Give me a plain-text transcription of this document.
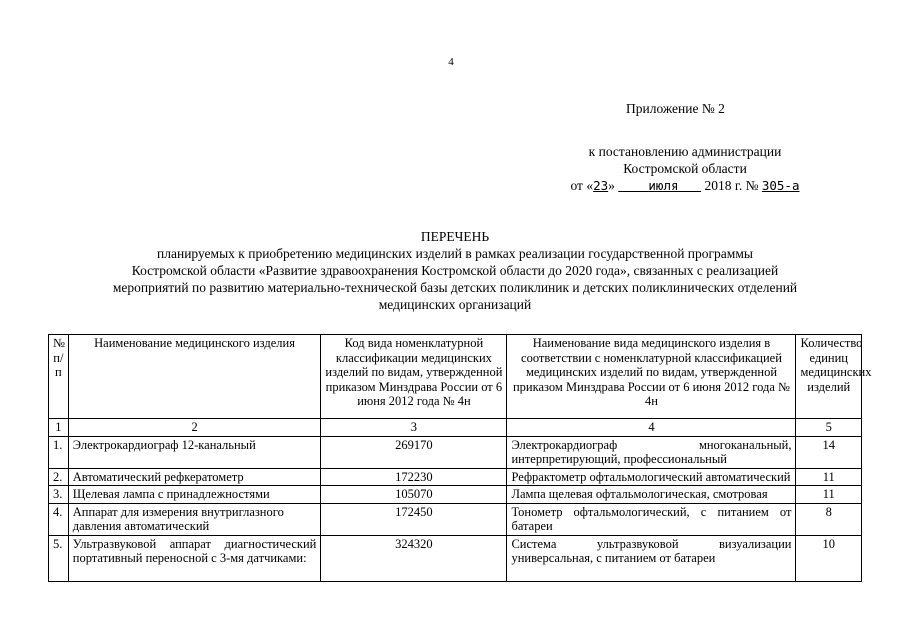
4
Приложение № 2
к постановлению администрации
Костромской области
от «23»	июля 2018 г. № 305-а
ПЕРЕЧЕНЬ
планируемых к приобретению медицинских изделий в рамках реализации государственной программы
Костромской области «Развитие здравоохранения Костромской области до 2020 года», связанных с реализацией
мероприятий по развитию материально-технической базы детских поликлиник и детских поликлинических отделений
медицинских организаций
№ п/п	Наименование медицинского изделия	Код вида номенклатурной классификации медицинских изделий по видам, утвержденной приказом Минздрава России от 6 июня 2012 года № 4н	Наименование вида медицинского изделия в соответствии с номенклатурной классификацией медицинских изделий по видам, утвержденной приказом Минздрава России от 6 июня 2012 года № 4н	Количество единиц медицинских изделий
1	2	3	4	5
1.	Электрокардиограф 12-канальный	269170	Электрокардиограф многоканальный, интерпретирующий, профессиональный	14
2.	Автоматический рефкератометр	172230	Рефрактометр офтальмологический автоматический	11
3.	Щелевая лампа с принадлежностями	105070	Лампа щелевая офтальмологическая, смотровая	11
4.	Аппарат для измерения внутриглазного давления автоматический	172450	Тонометр офтальмологический, с питанием от батареи	8
5.	Ультразвуковой аппарат диагностический портативный переносной с 3-мя датчиками:	324320	Система ультразвуковой визуализации универсальная, с питанием от батареи	10
